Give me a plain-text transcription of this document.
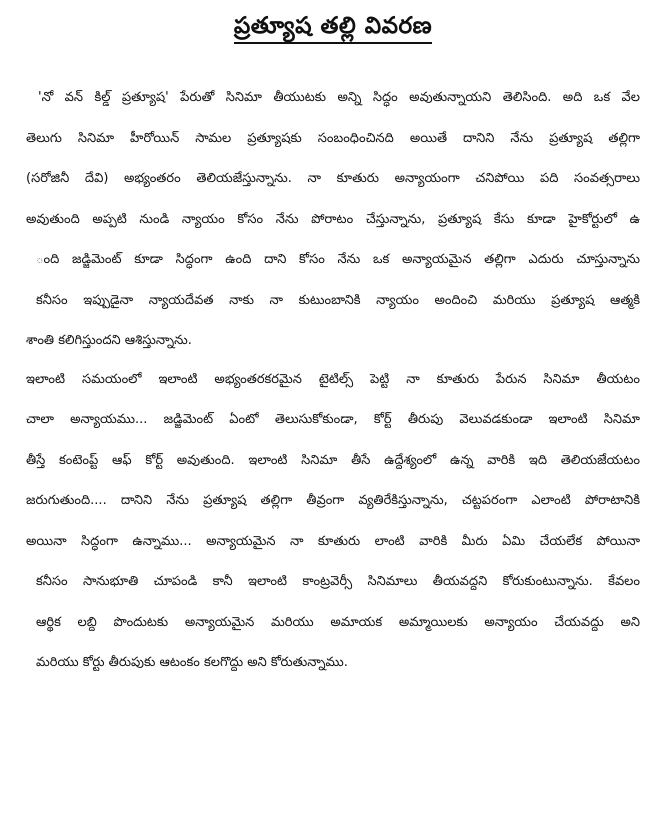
ప్రత్యూష తల్లి వివరణ
'నో వన్ కిల్డ్ ప్రత్యూష' పేరుతో సినిమా తీయుటకు అన్ని సిద్ధం అవుతున్నాయని తెలిసింది. అది ఒక వేల
తెలుగు సినిమా హీరోయిన్ సామల ప్రత్యూషకు సంబంధించినది అయితే దానిని నేను ప్రత్యూష తల్లిగా
(సరోజినీ దేవి) అభ్యంతరం తెలియజేస్తున్నాను. నా కూతురు అన్యాయంగా చనిపోయి పది సంవత్సరాలు
అవుతుంది అప్పటి నుండి న్యాయం కోసం నేను పోరాటం చేస్తున్నాను, ప్రత్యూష కేసు కూడా హైకోర్టులో ఉ
ంది జడ్జిమెంట్ కూడా సిద్ధంగా ఉంది దాని కోసం నేను ఒక అన్యాయమైన తల్లిగా ఎదురు చూస్తున్నాను
కనీసం ఇప్పుడైనా న్యాయదేవత నాకు నా కుటుంబానికి న్యాయం అందించి మరియు ప్రత్యూష ఆత్మకి
శాంతి కలిగిస్తుందని ఆశిస్తున్నాను.
ఇలాంటి సమయంలో ఇలాంటి అభ్యంతరకరమైన టైటిల్స్ పెట్టి నా కూతురు పేరున సినిమా తీయటం
చాలా అన్యాయము... జడ్జిమెంట్ ఏంటో తెలుసుకోకుండా, కోర్ట్ తీరుపు వెలువడకుండా ఇలాంటి సినిమా
తీస్తే కంటెంప్ట్ ఆఫ్ కోర్ట్ అవుతుంది. ఇలాంటి సినిమా తీసే ఉద్దేశ్యంలో ఉన్న వారికి ఇది తెలియజేయటం
జరుగుతుంది.... దానిని నేను ప్రత్యూష తల్లిగా తీవ్రంగా వ్యతిరేకిస్తున్నాను, చట్టపరంగా ఎలాంటి పోరాటానికి
అయినా సిద్ధంగా ఉన్నాము... అన్యాయమైన నా కూతురు లాంటి వారికి మీరు ఏమి చేయలేక పోయినా
కనీసం సానుభూతి చూపండి కానీ ఇలాంటి కాంట్రవెర్సీ సినిమాలు తీయవద్దని కోరుకుంటున్నాను. కేవలం
ఆర్థిక లబ్ది పొందుటకు అన్యాయమైన మరియు అమాయక అమ్మాయిలకు అన్యాయం చేయవద్దు అని
మరియు కోర్టు తీరుపుకు ఆటంకం కలగొద్దు అని కోరుతున్నాము.
